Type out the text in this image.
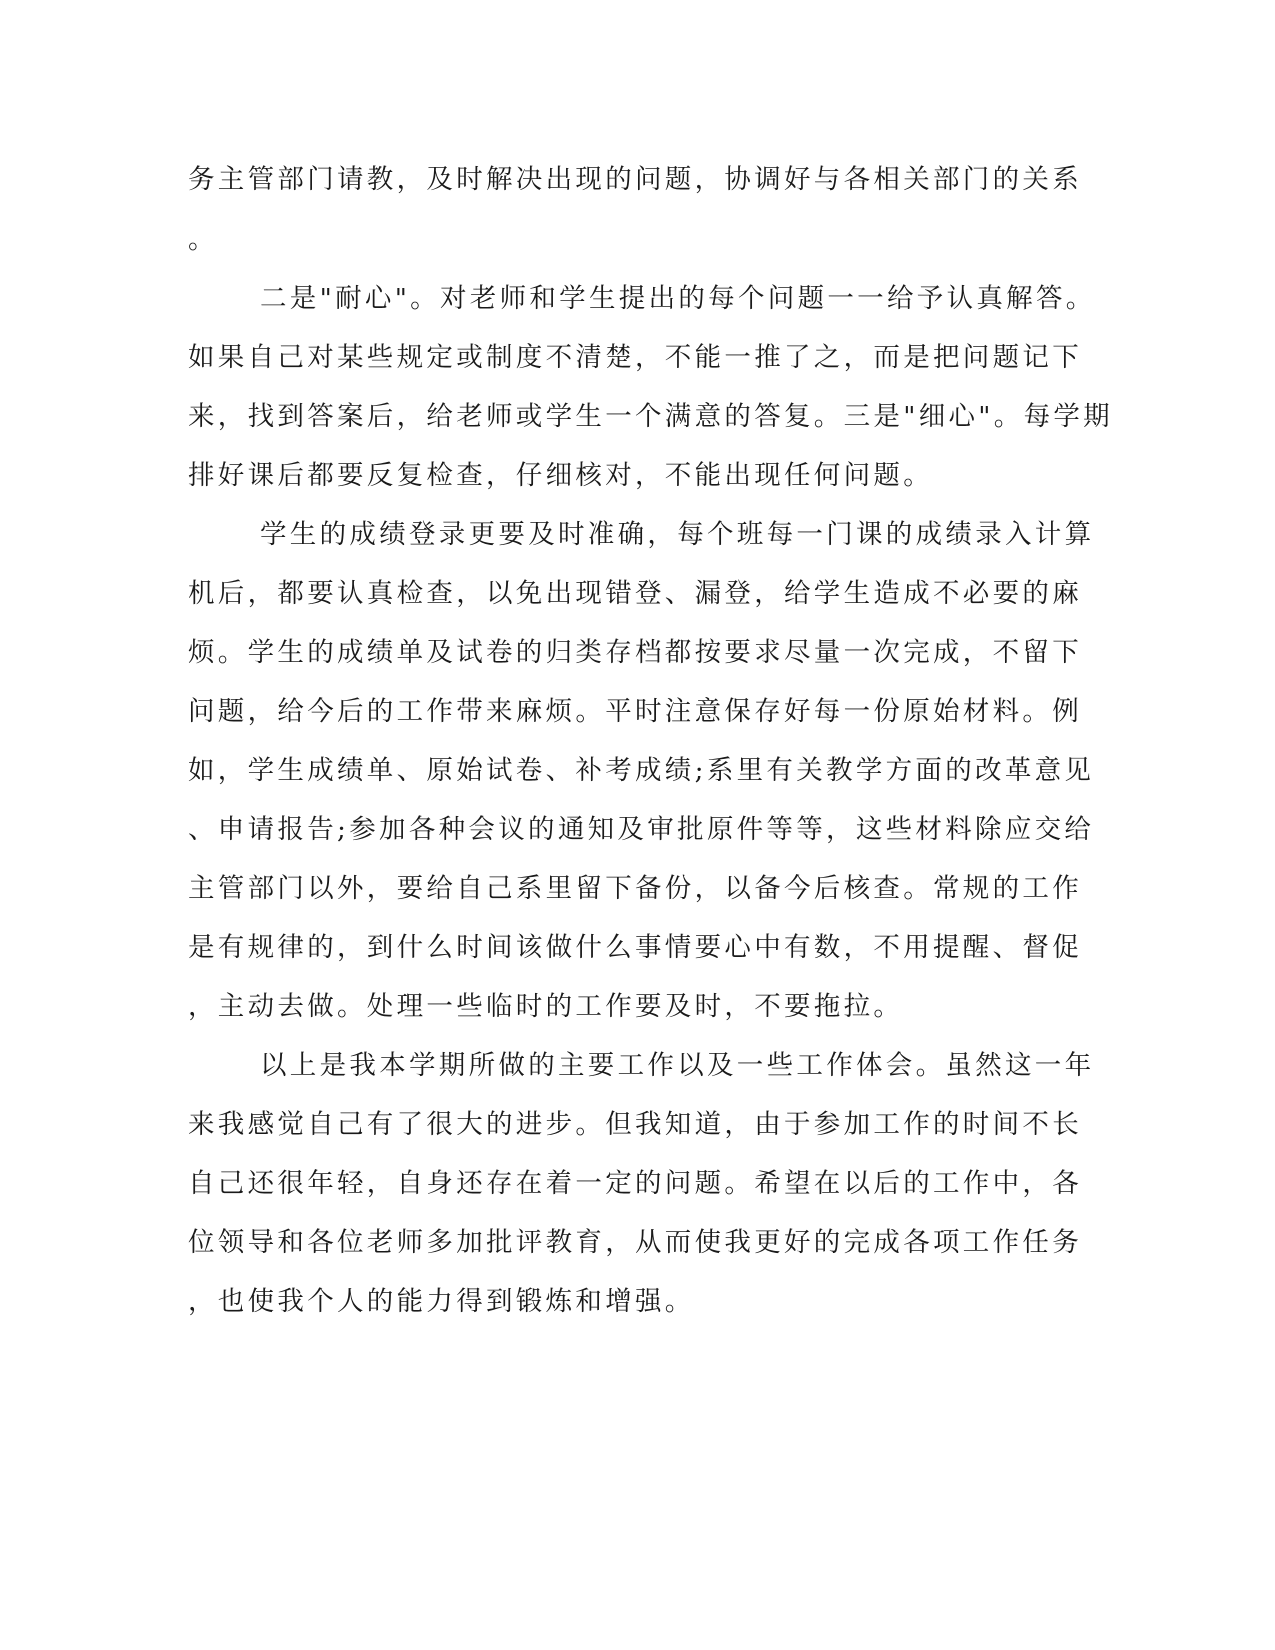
务主管部门请教，及时解决出现的问题，协调好与各相关部门的关系
。
二是"耐心"。对老师和学生提出的每个问题一一给予认真解答。
如果自己对某些规定或制度不清楚，不能一推了之，而是把问题记下
来，找到答案后，给老师或学生一个满意的答复。三是"细心"。每学期
排好课后都要反复检查，仔细核对，不能出现任何问题。
学生的成绩登录更要及时准确，每个班每一门课的成绩录入计算
机后，都要认真检查，以免出现错登、漏登，给学生造成不必要的麻
烦。学生的成绩单及试卷的归类存档都按要求尽量一次完成，不留下
问题，给今后的工作带来麻烦。平时注意保存好每一份原始材料。例
如，学生成绩单、原始试卷、补考成绩;系里有关教学方面的改革意见
、申请报告;参加各种会议的通知及审批原件等等，这些材料除应交给
主管部门以外，要给自己系里留下备份，以备今后核查。常规的工作
是有规律的，到什么时间该做什么事情要心中有数，不用提醒、督促
，主动去做。处理一些临时的工作要及时，不要拖拉。
以上是我本学期所做的主要工作以及一些工作体会。虽然这一年
来我感觉自己有了很大的进步。但我知道，由于参加工作的时间不长
自己还很年轻，自身还存在着一定的问题。希望在以后的工作中，各
位领导和各位老师多加批评教育，从而使我更好的完成各项工作任务
，也使我个人的能力得到锻炼和增强。
